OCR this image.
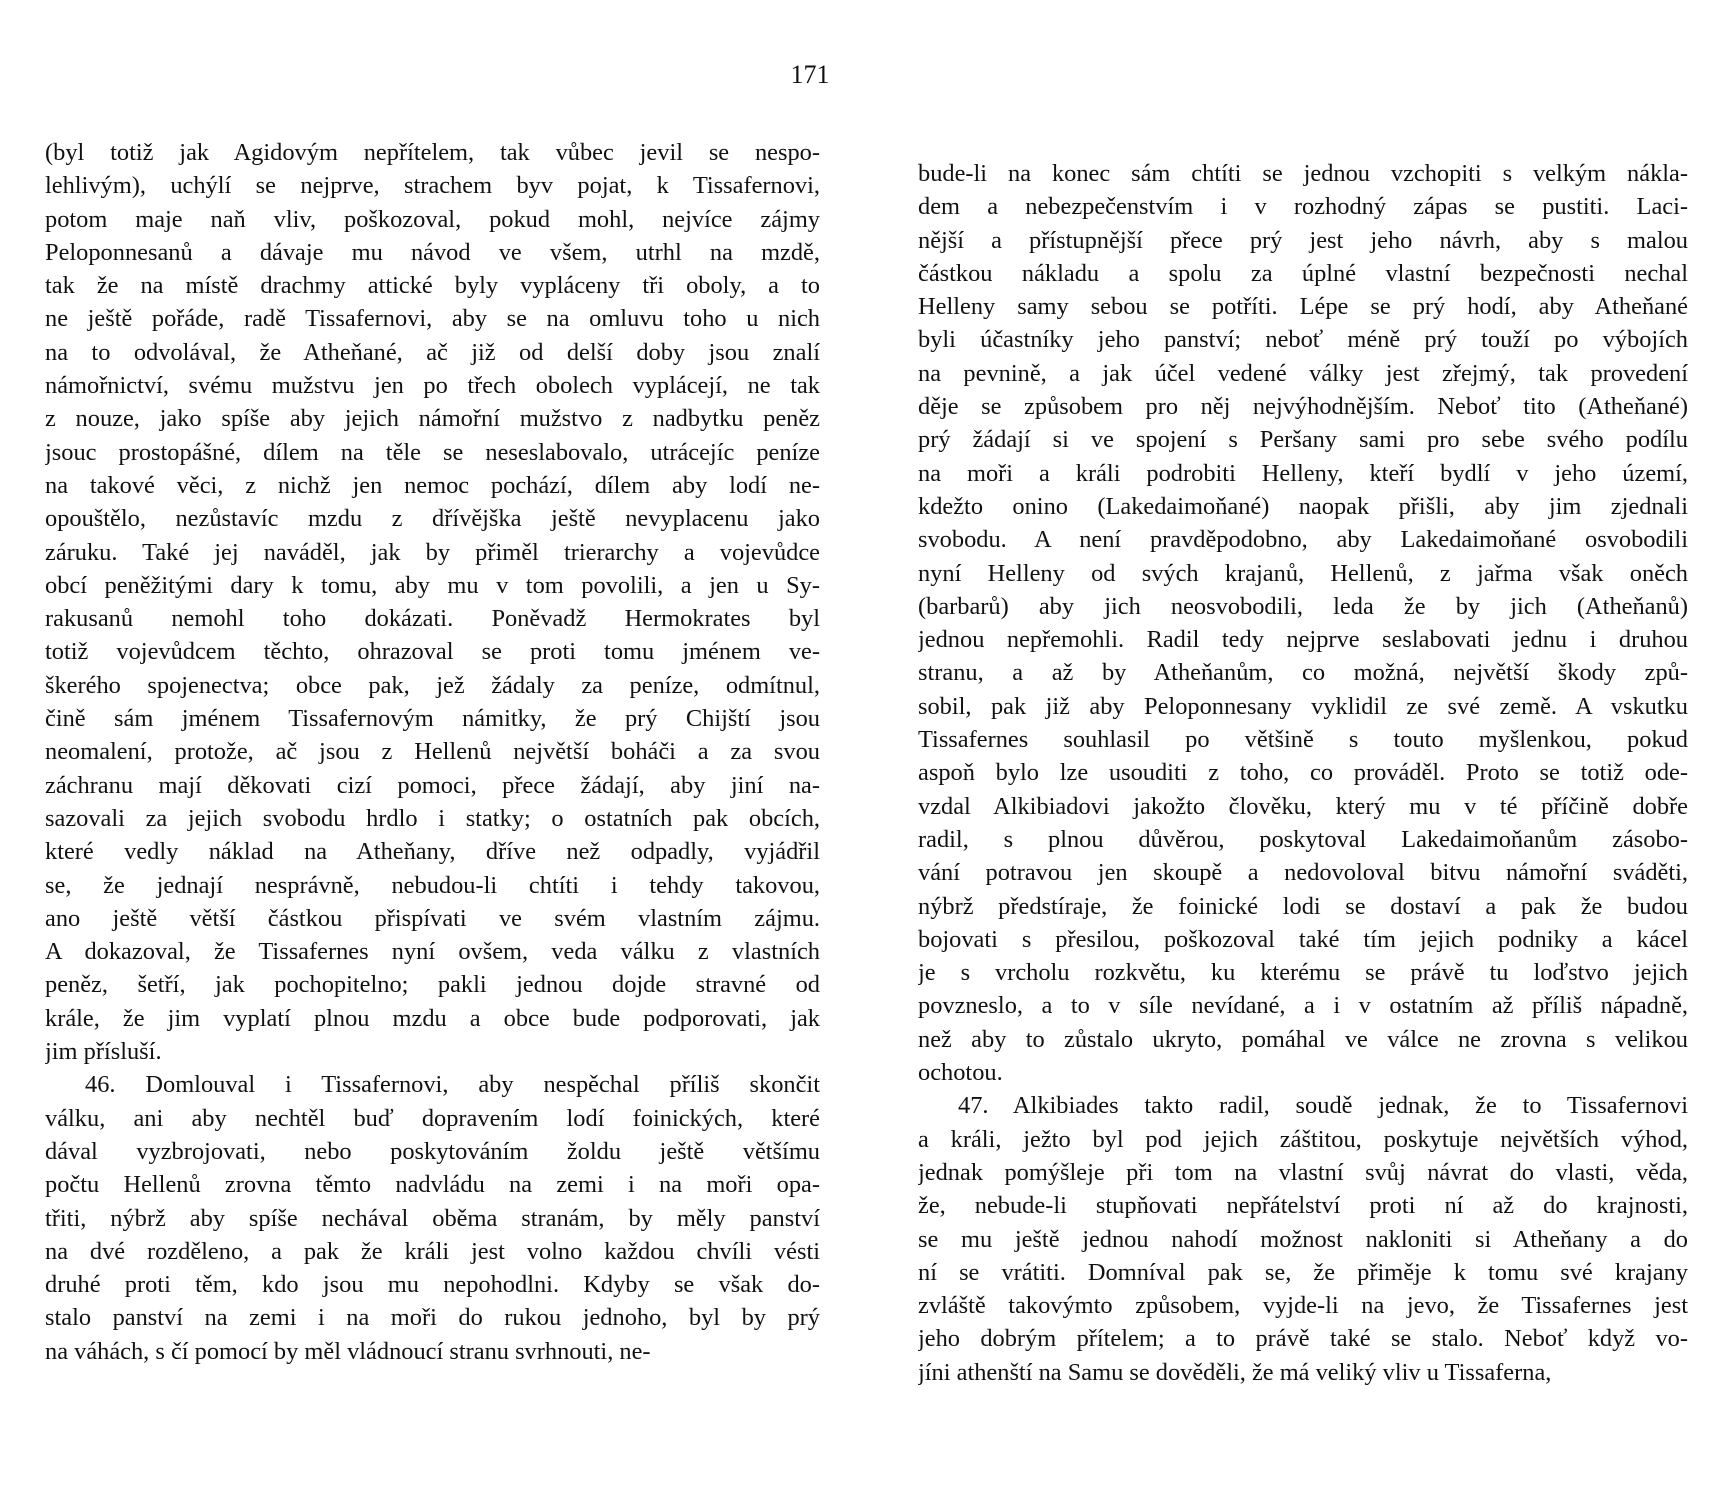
171
(byl totiž jak Agidovým nepřítelem, tak vůbec jevil se nespo-
lehlivým), uchýlí se nejprve, strachem byv pojat, k Tissafernovi,
potom maje naň vliv, poškozoval, pokud mohl, nejvíce zájmy
Peloponnesanů a dávaje mu návod ve všem, utrhl na mzdě,
tak že na místě drachmy attické byly vypláceny tři oboly, a to
ne ještě pořáde, radě Tissafernovi, aby se na omluvu toho u nich
na to odvolával, že Atheňané, ač již od delší doby jsou znalí
námořnictví, svému mužstvu jen po třech obolech vyplácejí, ne tak
z nouze, jako spíše aby jejich námořní mužstvo z nadbytku peněz
jsouc prostopášné, dílem na těle se neseslabovalo, utrácejíc peníze
na takové věci, z nichž jen nemoc pochází, dílem aby lodí ne-
opouštělo, nezůstavíc mzdu z dřívějška ještě nevyplacenu jako
záruku. Také jej naváděl, jak by přiměl trierarchy a vojevůdce
obcí peněžitými dary k tomu, aby mu v tom povolili, a jen u Sy-
rakusanů nemohl toho dokázati. Poněvadž Hermokrates byl
totiž vojevůdcem těchto, ohrazoval se proti tomu jménem ve-
škerého spojenectva; obce pak, jež žádaly za peníze, odmítnul,
čině sám jménem Tissafernovým námitky, že prý Chijští jsou
neomalení, protože, ač jsou z Hellenů největší boháči a za svou
záchranu mají děkovati cizí pomoci, přece žádají, aby jiní na-
sazovali za jejich svobodu hrdlo i statky; o ostatních pak obcích,
které vedly náklad na Atheňany, dříve než odpadly, vyjádřil
se, že jednají nesprávně, nebudou-li chtíti i tehdy takovou,
ano ještě větší částkou přispívati ve svém vlastním zájmu.
A dokazoval, že Tissafernes nyní ovšem, veda válku z vlastních
peněz, šetří, jak pochopitelno; pakli jednou dojde stravné od
krále, že jim vyplatí plnou mzdu a obce bude podporovati, jak
jim přísluší.
46. Domlouval i Tissafernovi, aby nespěchal příliš skončit
válku, ani aby nechtěl buď dopravením lodí foinických, které
dával vyzbrojovati, nebo poskytováním žoldu ještě většímu
počtu Hellenů zrovna těmto nadvládu na zemi i na moři opa-
třiti, nýbrž aby spíše nechával oběma stranám, by měly panství
na dvé rozděleno, a pak že králi jest volno každou chvíli vésti
druhé proti těm, kdo jsou mu nepohodlni. Kdyby se však do-
stalo panství na zemi i na moři do rukou jednoho, byl by prý
na váhách, s čí pomocí by měl vládnoucí stranu svrhnouti, ne-
bude-li na konec sám chtíti se jednou vzchopiti s velkým nákla-
dem a nebezpečenstvím i v rozhodný zápas se pustiti. Laci-
nější a přístupnější přece prý jest jeho návrh, aby s malou
částkou nákladu a spolu za úplné vlastní bezpečnosti nechal
Helleny samy sebou se potříti. Lépe se prý hodí, aby Atheňané
byli účastníky jeho panství; neboť méně prý touží po výbojích
na pevnině, a jak účel vedené války jest zřejmý, tak provedení
děje se způsobem pro něj nejvýhodnějším. Neboť tito (Atheňané)
prý žádají si ve spojení s Peršany sami pro sebe svého podílu
na moři a králi podrobiti Helleny, kteří bydlí v jeho území,
kdežto onino (Lakedaimoňané) naopak přišli, aby jim zjednali
svobodu. A není pravděpodobno, aby Lakedaimoňané osvobodili
nyní Helleny od svých krajanů, Hellenů, z jařma však oněch
(barbarů) aby jich neosvobodili, leda že by jich (Atheňanů)
jednou nepřemohli. Radil tedy nejprve seslabovati jednu i druhou
stranu, a až by Atheňanům, co možná, největší škody způ-
sobil, pak již aby Peloponnesany vyklidil ze své země. A vskutku
Tissafernes souhlasil po většině s touto myšlenkou, pokud
aspoň bylo lze usouditi z toho, co prováděl. Proto se totiž ode-
vzdal Alkibiadovi jakožto člověku, který mu v té příčině dobře
radil, s plnou důvěrou, poskytoval Lakedaimoňanům zásobo-
vání potravou jen skoupě a nedovoloval bitvu námořní sváděti,
nýbrž předstíraje, že foinické lodi se dostaví a pak že budou
bojovati s přesilou, poškozoval také tím jejich podniky a kácel
je s vrcholu rozkvětu, ku kterému se právě tu loďstvo jejich
povzneslo, a to v síle nevídané, a i v ostatním až příliš nápadně,
než aby to zůstalo ukryto, pomáhal ve válce ne zrovna s velikou
ochotou.
47. Alkibiades takto radil, soudě jednak, že to Tissafernovi
a králi, ježto byl pod jejich záštitou, poskytuje největších výhod,
jednak pomýšleje při tom na vlastní svůj návrat do vlasti, věda,
že, nebude-li stupňovati nepřátelství proti ní až do krajnosti,
se mu ještě jednou nahodí možnost nakloniti si Atheňany a do
ní se vrátiti. Domníval pak se, že přiměje k tomu své krajany
zvláště takovýmto způsobem, vyjde-li na jevo, že Tissafernes jest
jeho dobrým přítelem; a to právě také se stalo. Neboť když vo-
jíni athenští na Samu se dověděli, že má veliký vliv u Tissaferna,
